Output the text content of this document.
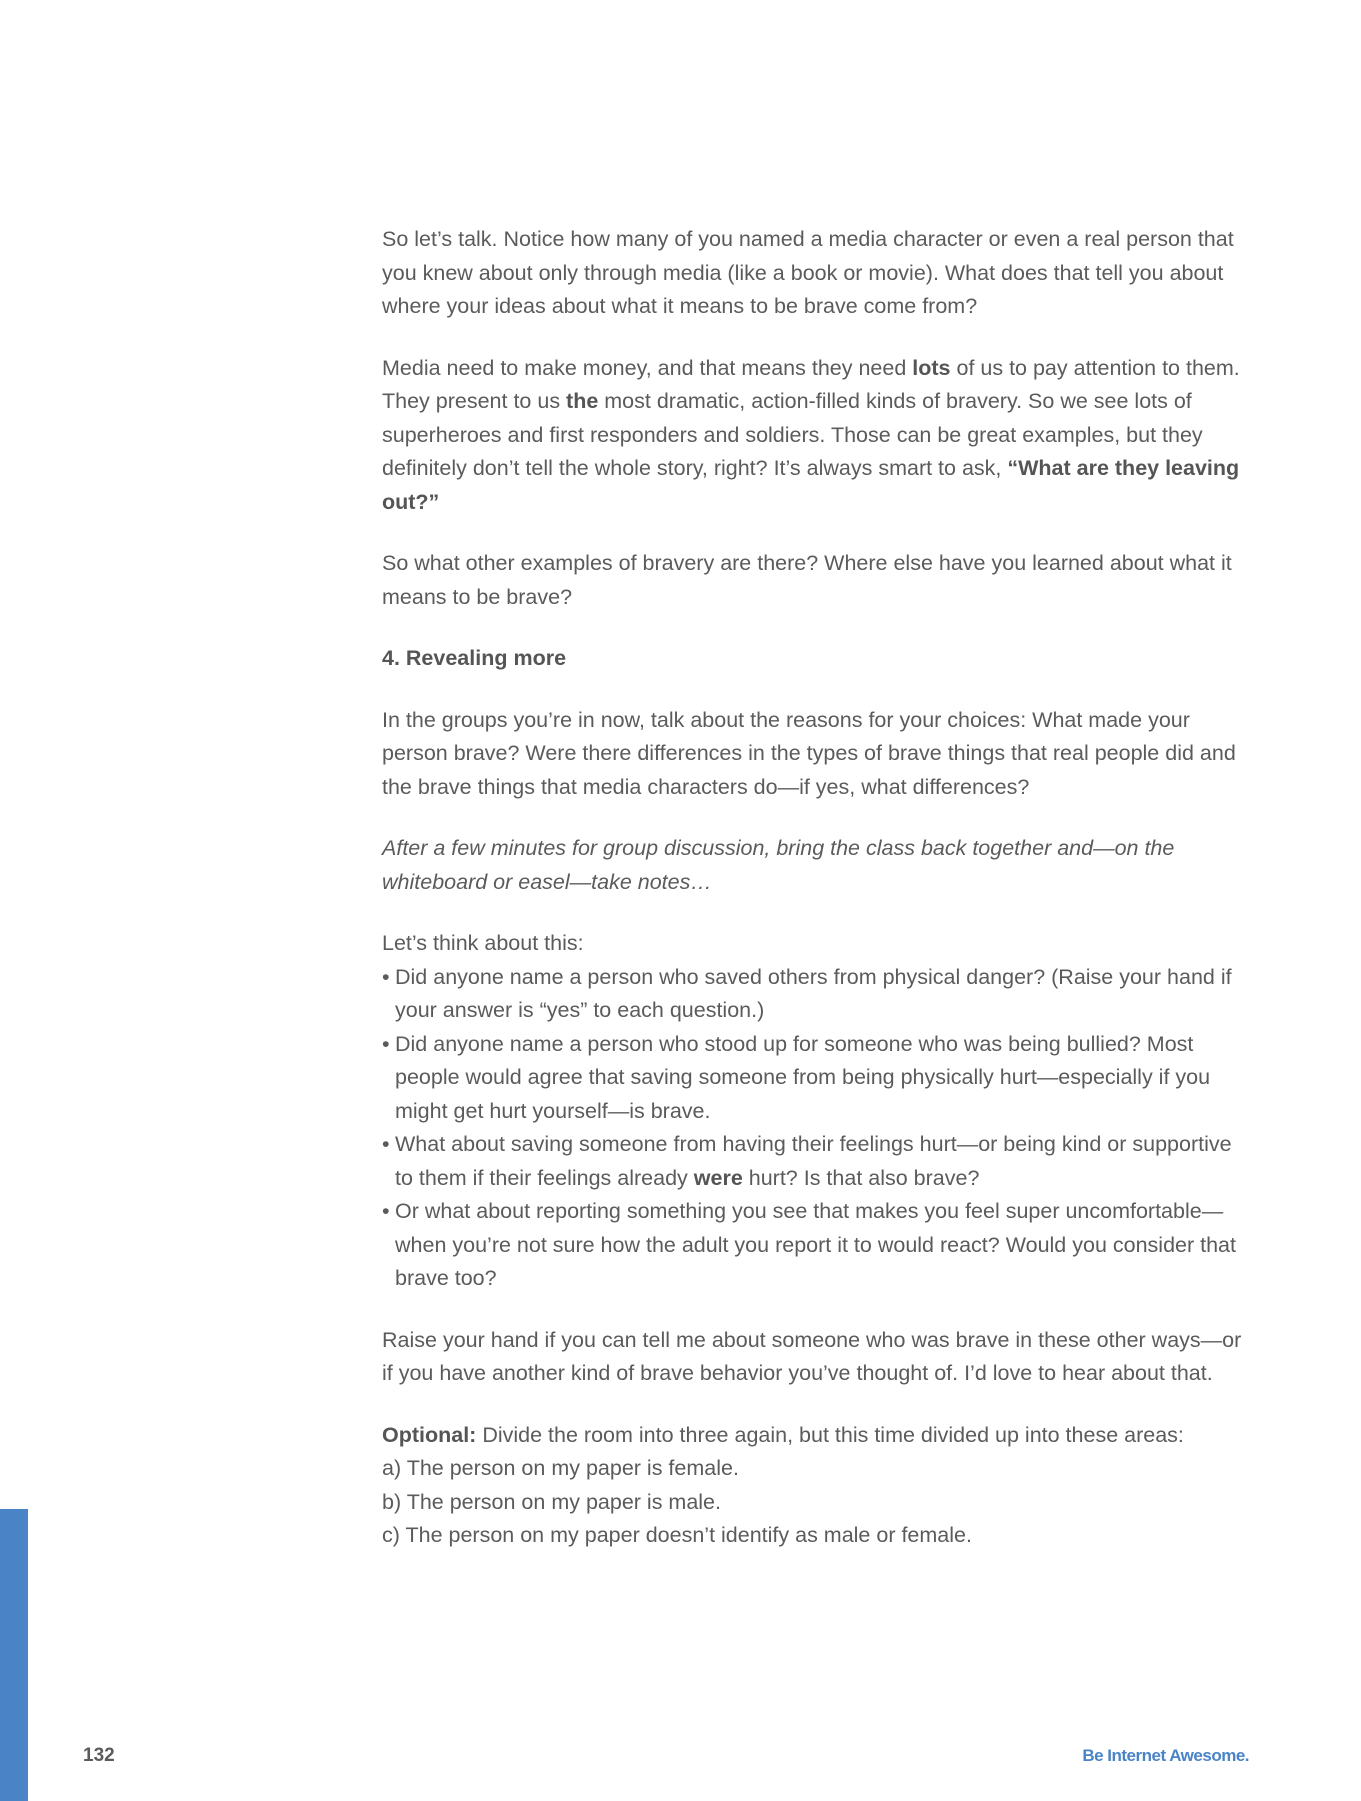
So let’s talk. Notice how many of you named a media character or even a real person that you knew about only through media (like a book or movie). What does that tell you about where your ideas about what it means to be brave come from?

Media need to make money, and that means they need lots of us to pay attention to them. They present to us the most dramatic, action-filled kinds of bravery. So we see lots of superheroes and first responders and soldiers. Those can be great examples, but they definitely don’t tell the whole story, right? It’s always smart to ask, “What are they leaving out?”

So what other examples of bravery are there? Where else have you learned about what it means to be brave?

4. Revealing more

In the groups you’re in now, talk about the reasons for your choices: What made your person brave? Were there differences in the types of brave things that real people did and the brave things that media characters do—if yes, what differences?

After a few minutes for group discussion, bring the class back together and—on the whiteboard or easel—take notes…

Let’s think about this:

• Did anyone name a person who saved others from physical danger? (Raise your hand if your answer is “yes” to each question.)
• Did anyone name a person who stood up for someone who was being bullied? Most people would agree that saving someone from being physically hurt—especially if you might get hurt yourself—is brave.
• What about saving someone from having their feelings hurt—or being kind or supportive to them if their feelings already were hurt? Is that also brave?
• Or what about reporting something you see that makes you feel super uncomfortable—when you’re not sure how the adult you report it to would react? Would you consider that brave too?

Raise your hand if you can tell me about someone who was brave in these other ways—or if you have another kind of brave behavior you’ve thought of. I’d love to hear about that.

Optional: Divide the room into three again, but this time divided up into these areas:

a) The person on my paper is female.

b) The person on my paper is male.

c) The person on my paper doesn’t identify as male or female.

132	Be Internet Awesome.
